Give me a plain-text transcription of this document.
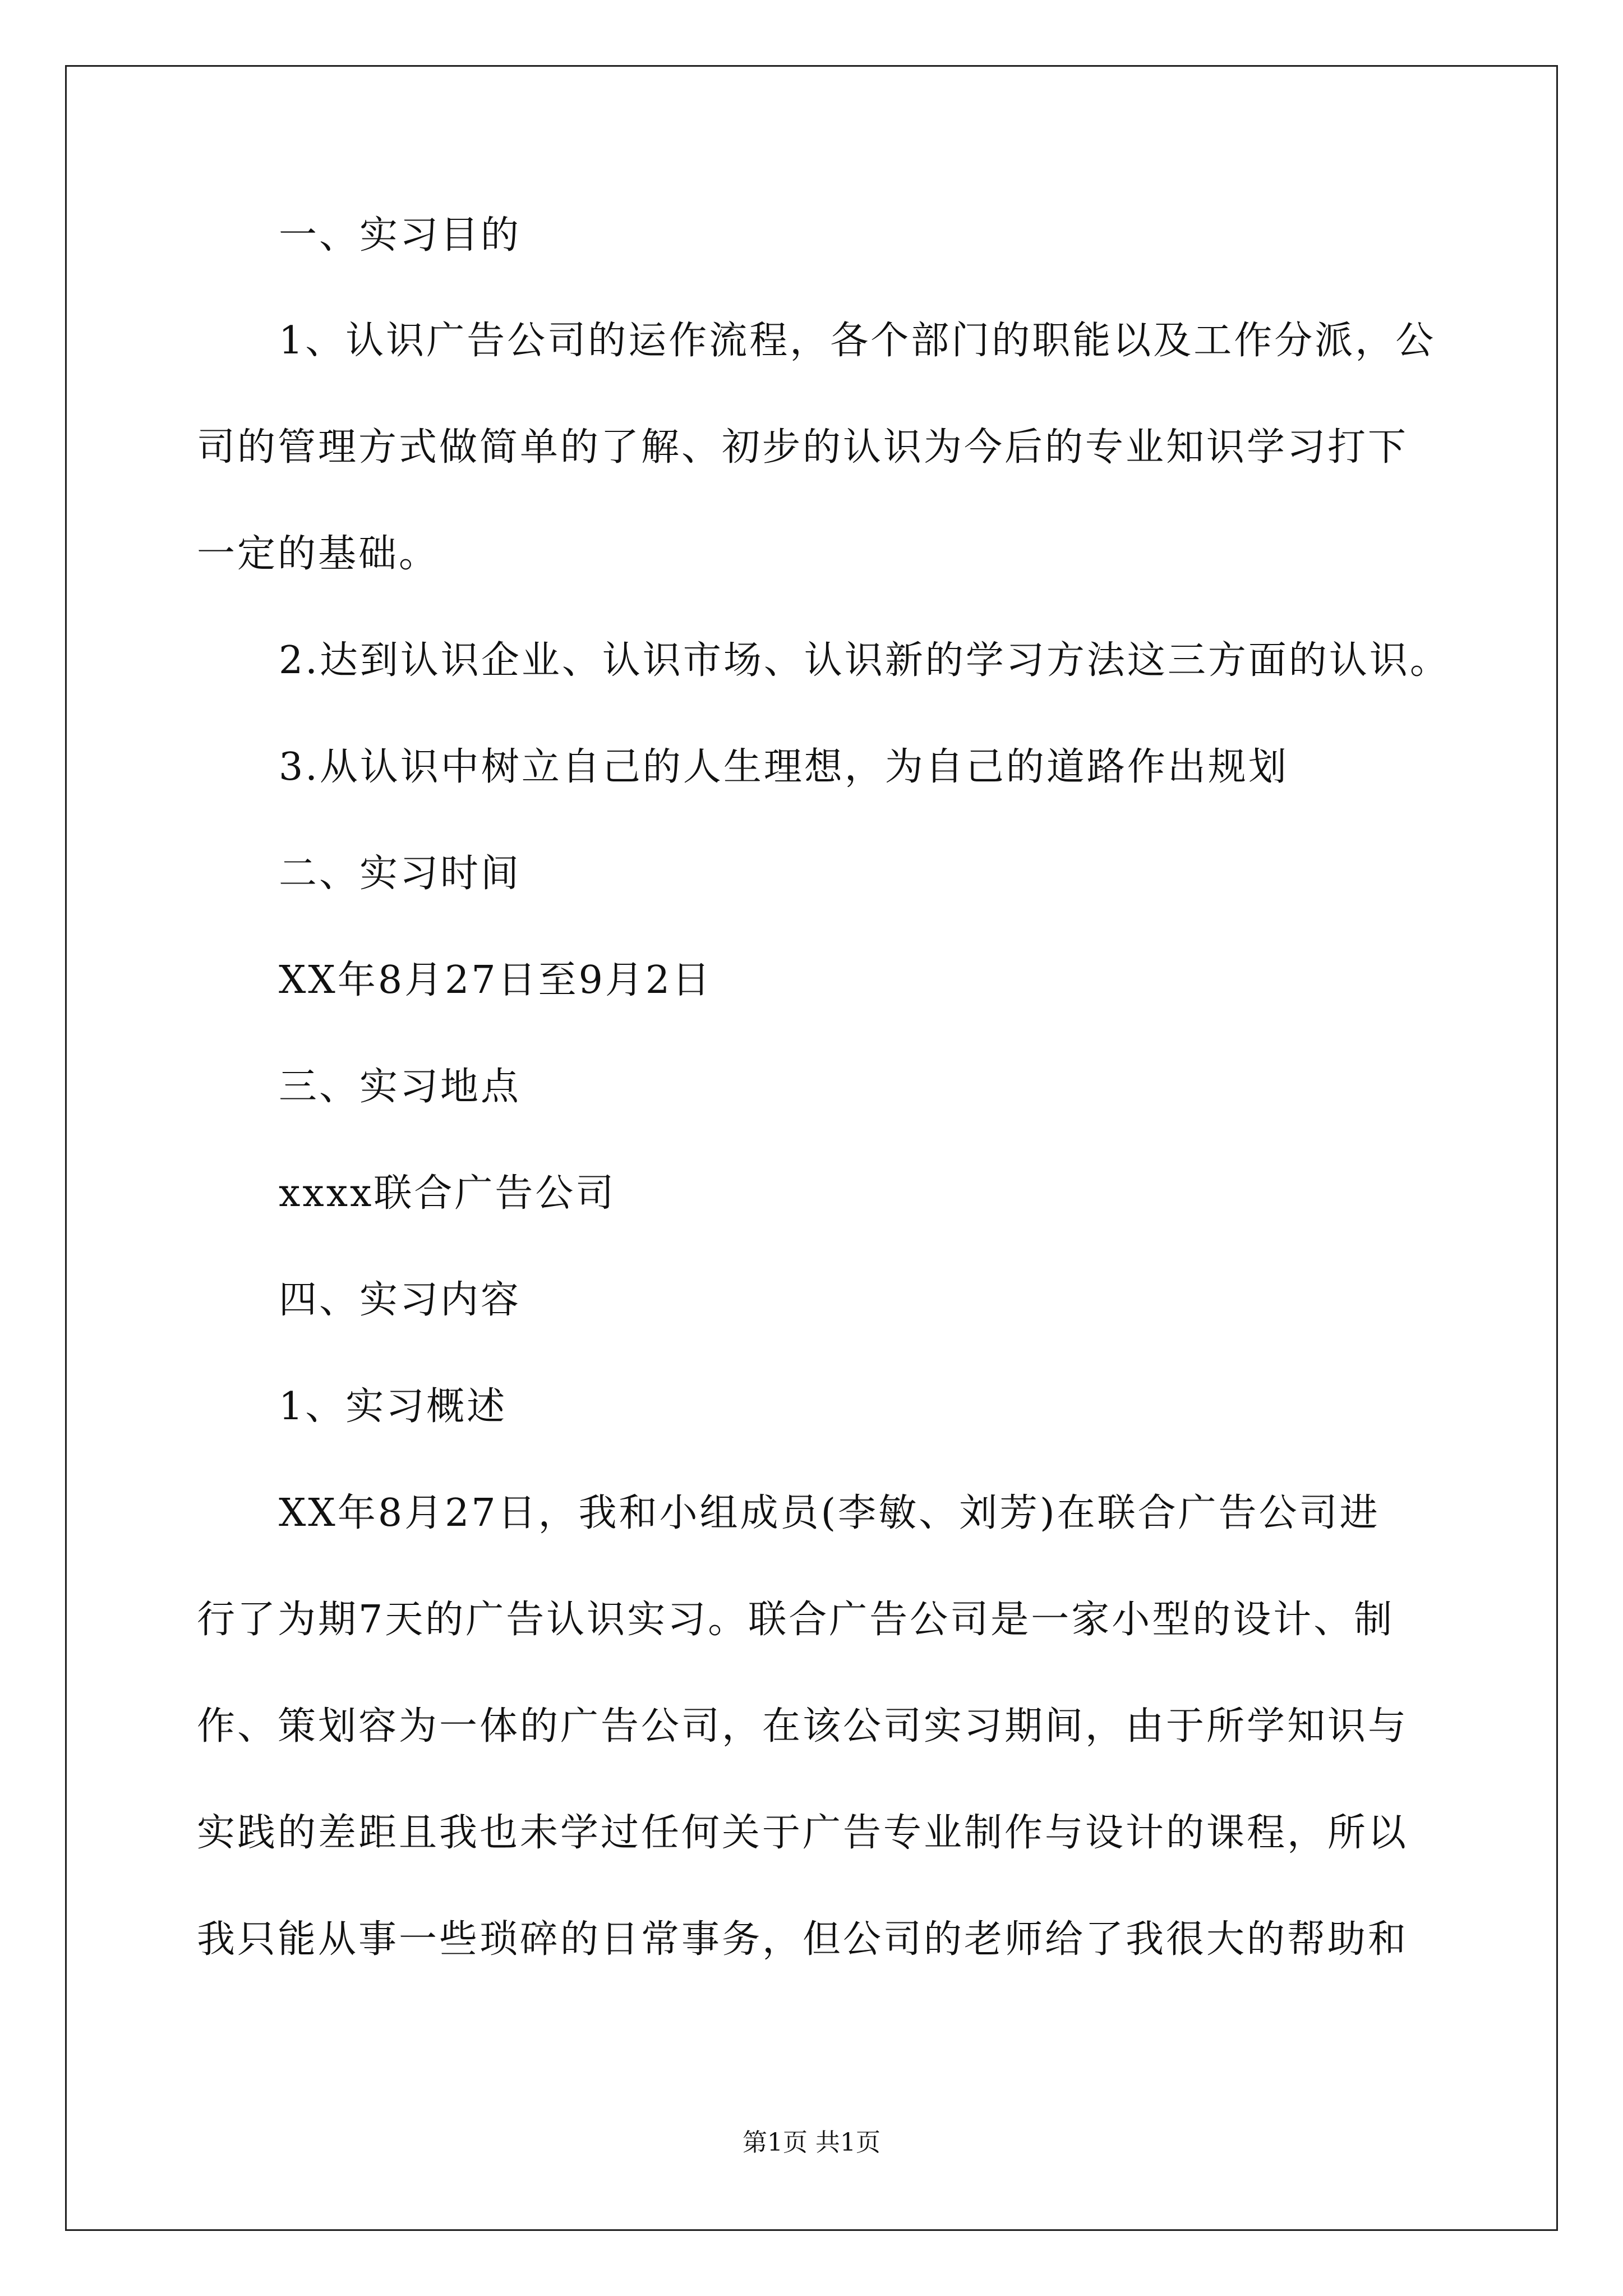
一、实习目的
1、认识广告公司的运作流程，各个部门的职能以及工作分派，公
司的管理方式做简单的了解、初步的认识为今后的专业知识学习打下
一定的基础。
2.达到认识企业、认识市场、认识新的学习方法这三方面的认识。
3.从认识中树立自己的人生理想，为自己的道路作出规划
二、实习时间
XX年8月27日至9月2日
三、实习地点
xxxx联合广告公司
四、实习内容
1、实习概述
XX年8月27日，我和小组成员(李敏、刘芳)在联合广告公司进
行了为期7天的广告认识实习。联合广告公司是一家小型的设计、制
作、策划容为一体的广告公司，在该公司实习期间，由于所学知识与
实践的差距且我也未学过任何关于广告专业制作与设计的课程，所以
我只能从事一些琐碎的日常事务，但公司的老师给了我很大的帮助和
第1页 共1页
